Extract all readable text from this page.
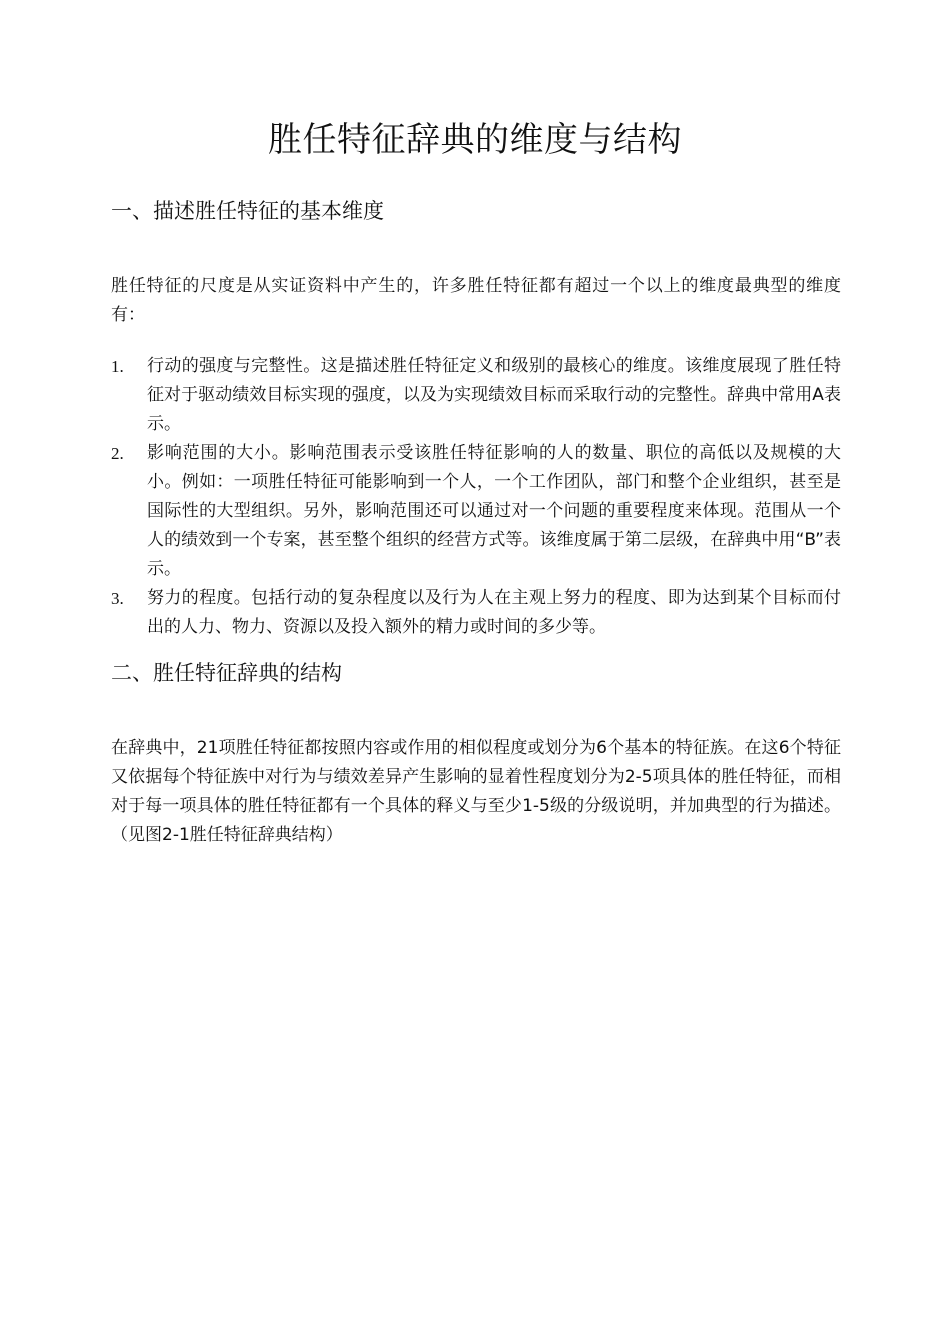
胜任特征辞典的维度与结构
一、描述胜任特征的基本维度

胜任特征的尺度是从实证资料中产生的，许多胜任特征都有超过一个以上的维度最典型的维度有：

1. 行动的强度与完整性。这是描述胜任特征定义和级别的最核心的维度。该维度展现了胜任特征对于驱动绩效目标实现的强度，以及为实现绩效目标而采取行动的完整性。辞典中常用A表示。
2. 影响范围的大小。影响范围表示受该胜任特征影响的人的数量、职位的高低以及规模的大小。例如：一项胜任特征可能影响到一个人，一个工作团队，部门和整个企业组织，甚至是国际性的大型组织。另外，影响范围还可以通过对一个问题的重要程度来体现。范围从一个人的绩效到一个专案，甚至整个组织的经营方式等。该维度属于第二层级，在辞典中用“B”表示。
3. 努力的程度。包括行动的复杂程度以及行为人在主观上努力的程度、即为达到某个目标而付出的人力、物力、资源以及投入额外的精力或时间的多少等。
二、胜任特征辞典的结构

在辞典中，21项胜任特征都按照内容或作用的相似程度或划分为6个基本的特征族。在这6个特征又依据每个特征族中对行为与绩效差异产生影响的显着性程度划分为2-5项具体的胜任特征，而相对于每一项具体的胜任特征都有一个具体的释义与至少1-5级的分级说明，并加典型的行为描述。（见图2-1胜任特征辞典结构）
